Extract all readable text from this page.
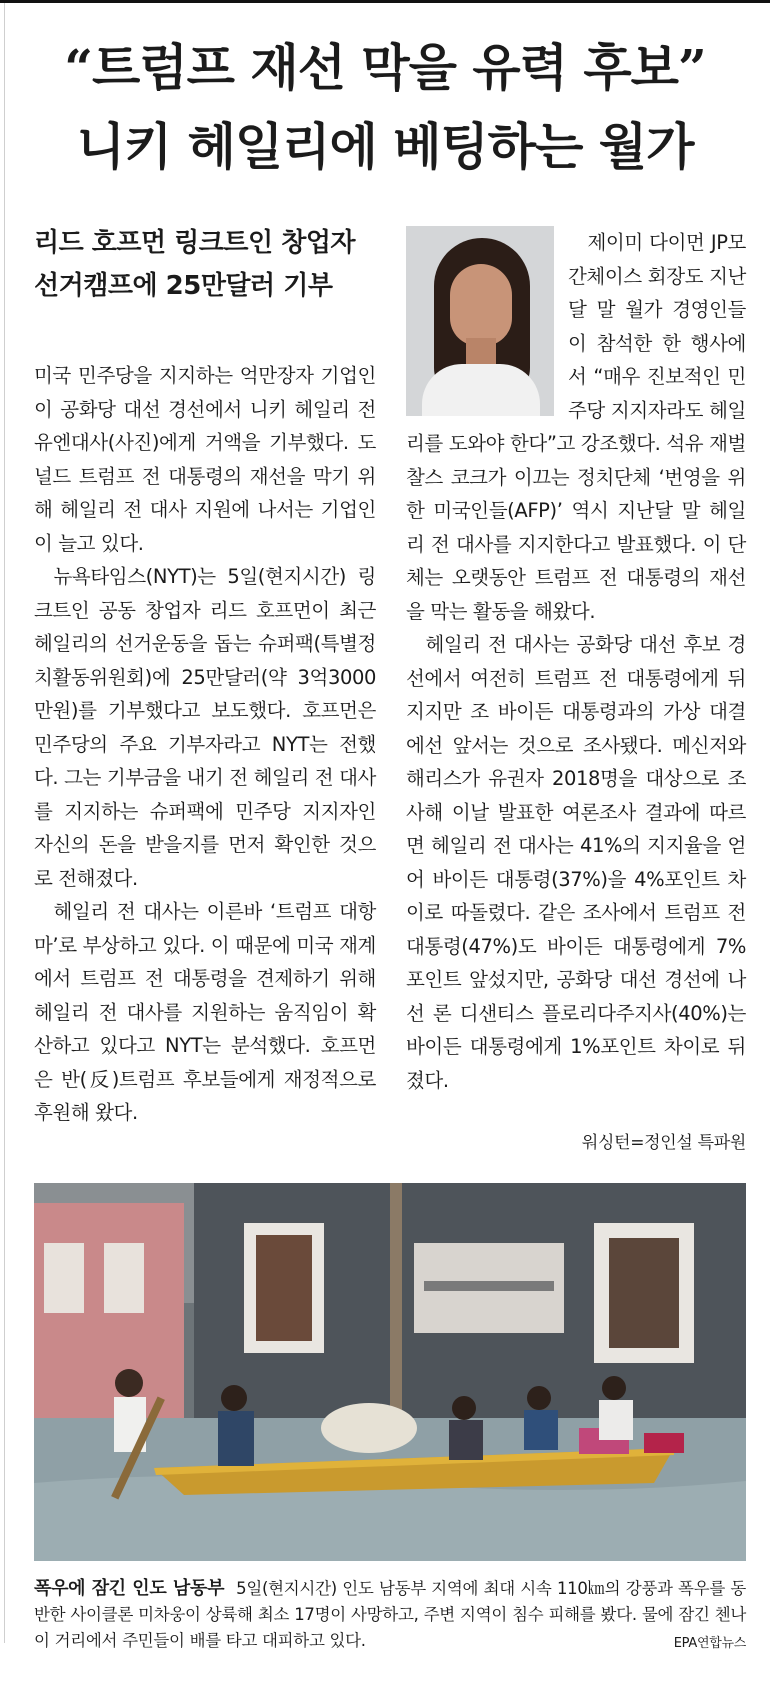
“트럼프 재선 막을 유력 후보”
니키 헤일리에 베팅하는 월가
리드 호프먼 링크트인 창업자
선거캠프에 25만달러 기부

미국 민주당을 지지하는 억만장자 기업인이 공화당 대선 경선에서 니키 헤일리 전 유엔대사(사진)에게 거액을 기부했다. 도널드 트럼프 전 대통령의 재선을 막기 위해 헤일리 전 대사 지원에 나서는 기업인이 늘고 있다.

뉴욕타임스(NYT)는 5일(현지시간) 링크트인 공동 창업자 리드 호프먼이 최근 헤일리의 선거운동을 돕는 슈퍼팩(특별정치활동위원회)에 25만달러(약 3억3000만원)를 기부했다고 보도했다. 호프먼은 민주당의 주요 기부자라고 NYT는 전했다. 그는 기부금을 내기 전 헤일리 전 대사를 지지하는 슈퍼팩에 민주당 지지자인 자신의 돈을 받을지를 먼저 확인한 것으로 전해졌다.

헤일리 전 대사는 이른바 ‘트럼프 대항마’로 부상하고 있다. 이 때문에 미국 재계에서 트럼프 전 대통령을 견제하기 위해 헤일리 전 대사를 지원하는 움직임이 확산하고 있다고 NYT는 분석했다. 호프먼은 반(反)트럼프 후보들에게 재정적으로 후원해 왔다.

제이미 다이먼 JP모간체이스 회장도 지난달 말 월가 경영인들이 참석한 한 행사에서 “매우 진보적인 민주당 지지자라도 헤일리를 도와야 한다”고 강조했다. 석유 재벌 찰스 코크가 이끄는 정치단체 ‘번영을 위한 미국인들(AFP)’ 역시 지난달 말 헤일리 전 대사를 지지한다고 발표했다. 이 단체는 오랫동안 트럼프 전 대통령의 재선을 막는 활동을 해왔다.

헤일리 전 대사는 공화당 대선 후보 경선에서 여전히 트럼프 전 대통령에게 뒤지지만 조 바이든 대통령과의 가상 대결에선 앞서는 것으로 조사됐다. 메신저와 해리스가 유권자 2018명을 대상으로 조사해 이날 발표한 여론조사 결과에 따르면 헤일리 전 대사는 41%의 지지율을 얻어 바이든 대통령(37%)을 4%포인트 차이로 따돌렸다. 같은 조사에서 트럼프 전 대통령(47%)도 바이든 대통령에게 7%포인트 앞섰지만, 공화당 대선 경선에 나선 론 디샌티스 플로리다주지사(40%)는 바이든 대통령에게 1%포인트 차이로 뒤졌다.

워싱턴=정인설 특파원
폭우에 잠긴 인도 남동부 5일(현지시간) 인도 남동부 지역에 최대 시속 110㎞의 강풍과 폭우를 동반한 사이클론 미차웅이 상륙해 최소 17명이 사망하고, 주변 지역이 침수 피해를 봤다. 물에 잠긴 첸나이 거리에서 주민들이 배를 타고 대피하고 있다.	EPA연합뉴스
